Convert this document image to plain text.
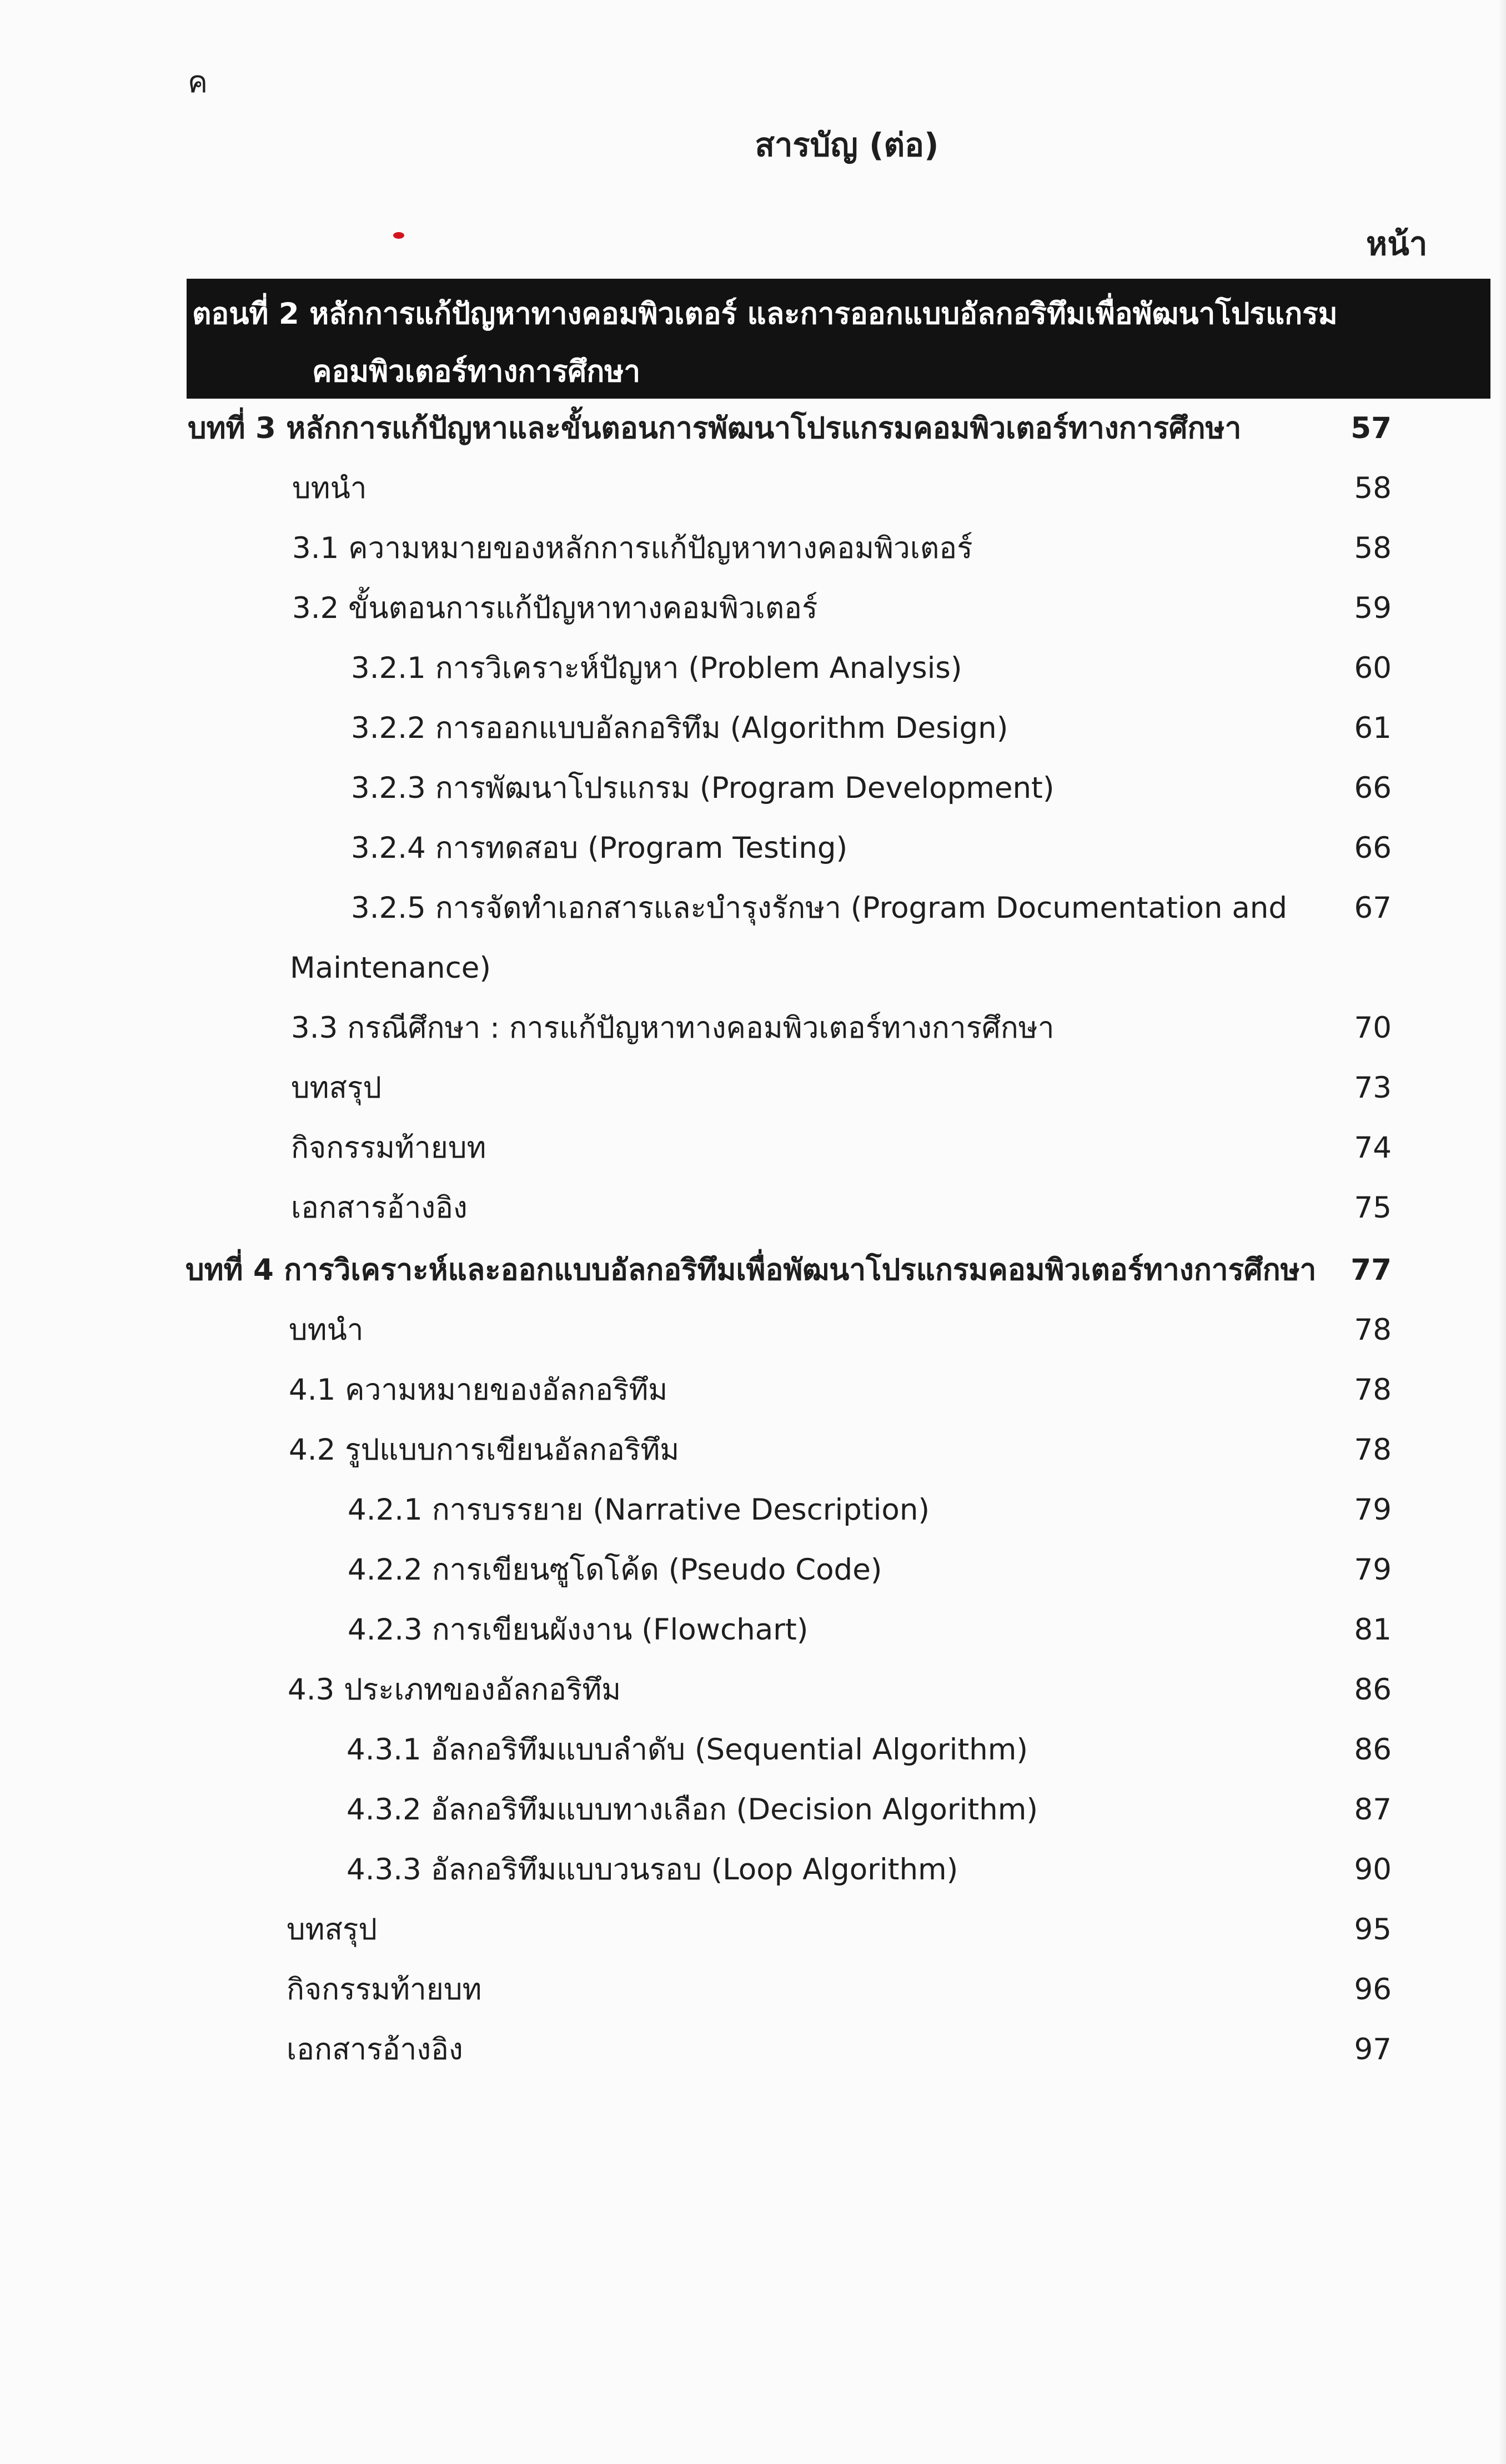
ค
สารบัญ (ต่อ)
หน้า
ตอนที่ 2 หลักการแก้ปัญหาทางคอมพิวเตอร์ และการออกแบบอัลกอริทึมเพื่อพัฒนาโปรแกรม
คอมพิวเตอร์ทางการศึกษา
บทที่ 3 หลักการแก้ปัญหาและขั้นตอนการพัฒนาโปรแกรมคอมพิวเตอร์ทางการศึกษา	57
บทนำ	58
3.1 ความหมายของหลักการแก้ปัญหาทางคอมพิวเตอร์	58
3.2 ขั้นตอนการแก้ปัญหาทางคอมพิวเตอร์	59
3.2.1 การวิเคราะห์ปัญหา (Problem Analysis)	60
3.2.2 การออกแบบอัลกอริทึม (Algorithm Design)	61
3.2.3 การพัฒนาโปรแกรม (Program Development)	66
3.2.4 การทดสอบ (Program Testing)	66
3.2.5 การจัดทำเอกสารและบำรุงรักษา (Program Documentation and 67
Maintenance)
3.3 กรณีศึกษา : การแก้ปัญหาทางคอมพิวเตอร์ทางการศึกษา	70
บทสรุป	73
กิจกรรมท้ายบท	74
เอกสารอ้างอิง	75
บทที่ 4 การวิเคราะห์และออกแบบอัลกอริทึมเพื่อพัฒนาโปรแกรมคอมพิวเตอร์ทางการศึกษา 77
บทนำ	78
4.1 ความหมายของอัลกอริทึม	78
4.2 รูปแบบการเขียนอัลกอริทึม	78
4.2.1 การบรรยาย (Narrative Description)	79
4.2.2 การเขียนซูโดโค้ด (Pseudo Code)	79
4.2.3 การเขียนผังงาน (Flowchart)	81
4.3 ประเภทของอัลกอริทึม	86
4.3.1 อัลกอริทึมแบบลำดับ (Sequential Algorithm)	86
4.3.2 อัลกอริทึมแบบทางเลือก (Decision Algorithm)	87
4.3.3 อัลกอริทึมแบบวนรอบ (Loop Algorithm)	90
บทสรุป	95
กิจกรรมท้ายบท	96
เอกสารอ้างอิง	97
